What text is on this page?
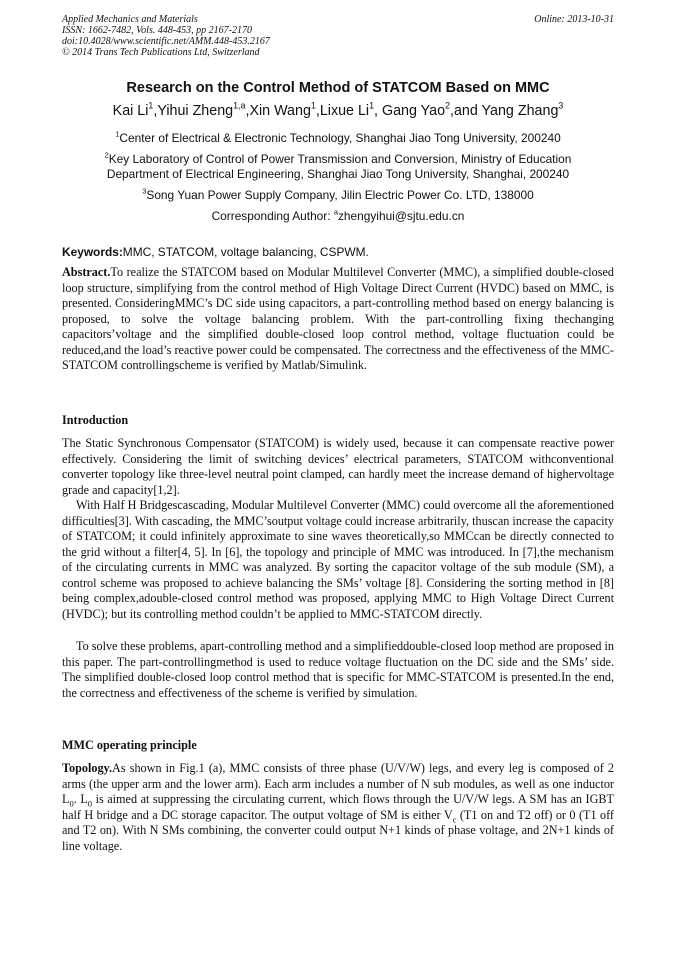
Applied Mechanics and Materials
ISSN: 1662-7482, Vols. 448-453, pp 2167-2170
doi:10.4028/www.scientific.net/AMM.448-453.2167
© 2014 Trans Tech Publications Ltd, Switzerland
Online: 2013-10-31
Research on the Control Method of STATCOM Based on MMC
Kai Li$^1$,Yihui Zheng$^{1,a}$,Xin Wang$^1$,Lixue Li$^1$, Gang Yao$^2$,and Yang Zhang$^3$
$^1$Center of Electrical & Electronic Technology, Shanghai Jiao Tong University, 200240
$^2$Key Laboratory of Control of Power Transmission and Conversion, Ministry of Education
Department of Electrical Engineering, Shanghai Jiao Tong University, Shanghai, 200240
$^3$Song Yuan Power Supply Company, Jilin Electric Power Co. LTD, 138000
Corresponding Author: $^a$zhengyihui@sjtu.edu.cn
Keywords:MMC, STATCOM, voltage balancing, CSPWM.
Abstract.To realize the STATCOM based on Modular Multilevel Converter (MMC), a simplified double-closed loop structure, simplifying from the control method of High Voltage Direct Current (HVDC) based on MMC, is presented. ConsideringMMC’s DC side using capacitors, a part-controlling method based on energy balancing is proposed, to solve the voltage balancing problem. With the part-controlling fixing thechanging capacitors’voltage and the simplified double-closed loop control method, voltage fluctuation could be reduced,and the load’s reactive power could be compensated. The correctness and the effectiveness of the MMC-STATCOM controllingscheme is verified by Matlab/Simulink.
Introduction
The Static Synchronous Compensator (STATCOM) is widely used, because it can compensate reactive power effectively. Considering the limit of switching devices’ electrical parameters, STATCOM withconventional converter topology like three-level neutral point clamped, can hardly meet the increase demand of highervoltage grade and capacity[1,2].
With Half H Bridgescascading, Modular Multilevel Converter (MMC) could overcome all the aforementioned difficulties[3]. With cascading, the MMC’soutput voltage could increase arbitrarily, thuscan increase the capacity of STATCOM; it could infinitely approximate to sine waves theoretically,so MMCcan be directly connected to the grid without a filter[4, 5]. In [6], the topology and principle of MMC was introduced. In [7],the mechanism of the circulating currents in MMC was analyzed. By sorting the capacitor voltage of the sub module (SM), a control scheme was proposed to achieve balancing the SMs’ voltage [8]. Considering the sorting method in [8] being complex,adouble-closed control method was proposed, applying MMC to High Voltage Direct Current (HVDC); but its controlling method couldn’t be applied to MMC-STATCOM directly.
To solve these problems, apart-controlling method and a simplifieddouble-closed loop method are proposed in this paper. The part-controllingmethod is used to reduce voltage fluctuation on the DC side and the SMs’ side. The simplified double-closed loop control method that is specific for MMC-STATCOM is presented.In the end, the correctness and effectiveness of the scheme is verified by simulation.
MMC operating principle
Topology.As shown in Fig.1 (a), MMC consists of three phase (U/V/W) legs, and every leg is composed of 2 arms (the upper arm and the lower arm). Each arm includes a number of N sub modules, as well as one inductor $L_0$. $L_0$ is aimed at suppressing the circulating current, which flows through the U/V/W legs. A SM has an IGBT half H bridge and a DC storage capacitor. The output voltage of SM is either $V_c$ (T1 on and T2 off) or 0 (T1 off and T2 on). With N SMs combining, the converter could output N+1 kinds of phase voltage, and 2N+1 kinds of line voltage.
